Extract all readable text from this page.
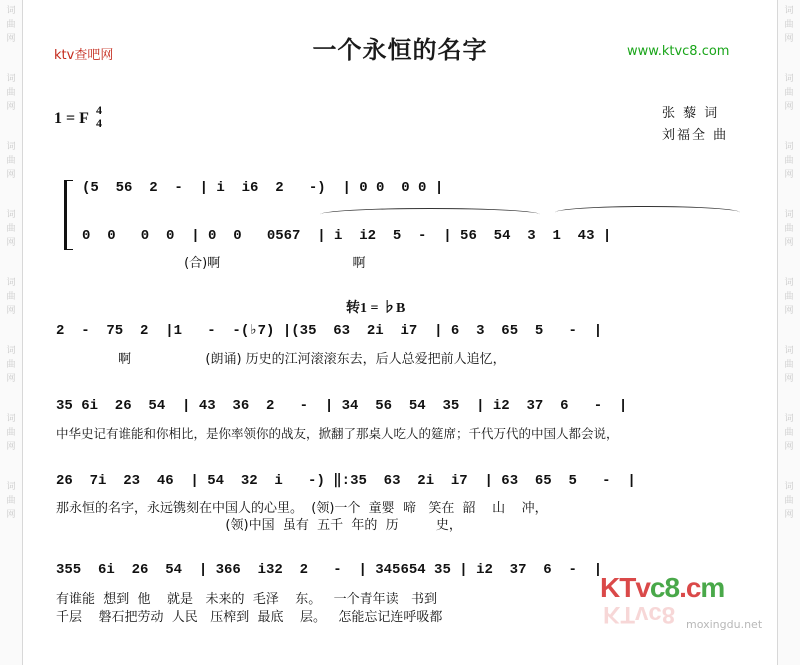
词
曲
网
词
曲
网
词
曲
网
词
曲
网
词
曲
网
词
曲
网
词
曲
网
词
曲
网
词
曲
网
词
曲
网
词
曲
网
词
曲
网
词
曲
网
词
曲
网
词
曲
网
词
曲
网
ktv查吧网	一个永恒的名字	www.ktvc8.com
1 = F 4
4
张 藜 词
刘福全 曲
(5  56  2  -  | i  i6  2   -)  | 0 0  0 0 |
0  0   0  0  | 0  0   0567  | i  i2  5  -  | 56  54  3  1  43 |
(合)啊                                啊
转1 = ♭B
2  -  75  2  |1   -  -(♭7) |(35  63  2i  i7  | 6  3  65  5   -  |
啊                  (朗诵) 历史的江河滚滚东去，后人总爱把前人追忆，
35 6i  26  54  | 43  36  2   -  | 34  56  54  35  | i2  37  6   -  |
中华史记有谁能和你相比，是你率领你的战友，掀翻了那桌人吃人的筵席；千代万代的中国人都会说，
26  7i  23  46  | 54  32  i   -) ‖:35  63  2i  i7  | 63  65  5   -  |
那永恒的名字，永远镌刻在中国人的心里。  (领)一个  童婴  啼   笑在  韶    山    冲，
(领)中国  虽有  五千  年的  历         史，
355  6i  26  54  | 366  i32  2   -  | 345654 35 | i2  37  6  -  |
有谁能  想到  他    就是   未来的  毛泽    东。   一个青年读   书到
千层    磐石把劳动  人民   压榨到  最底    层。   怎能忘记连呼吸都
KTvc8.cm
KTvc8 moxingdu.net
